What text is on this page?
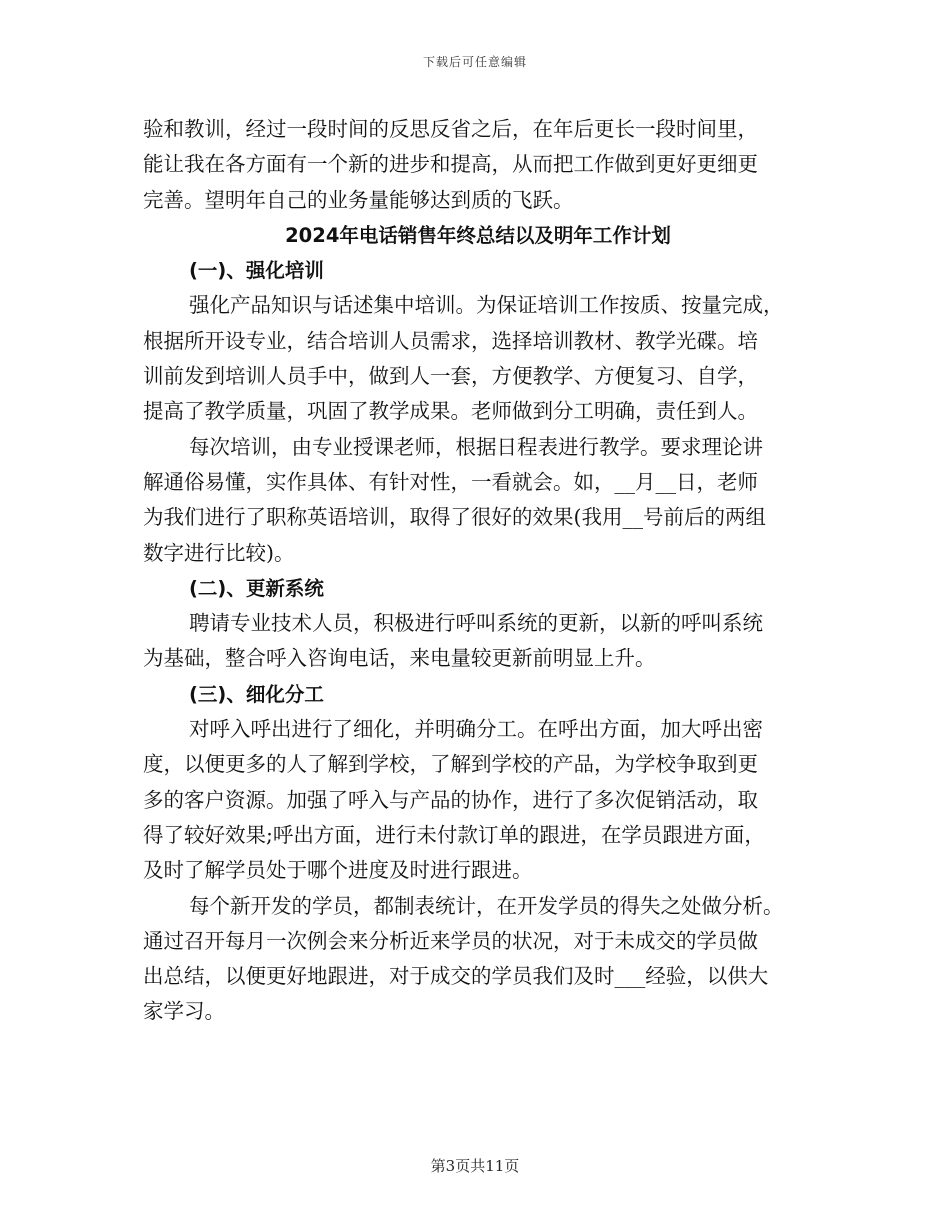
下载后可任意编辑
验和教训，经过一段时间的反思反省之后，在年后更长一段时间里，
能让我在各方面有一个新的进步和提高，从而把工作做到更好更细更
完善。望明年自己的业务量能够达到质的飞跃。
2024年电话销售年终总结以及明年工作计划
(一)、强化培训
强化产品知识与话述集中培训。为保证培训工作按质、按量完成，
根据所开设专业，结合培训人员需求，选择培训教材、教学光碟。培
训前发到培训人员手中，做到人一套，方便教学、方便复习、自学，
提高了教学质量，巩固了教学成果。老师做到分工明确，责任到人。
每次培训，由专业授课老师，根据日程表进行教学。要求理论讲
解通俗易懂，实作具体、有针对性，一看就会。如，__月__日，老师
为我们进行了职称英语培训，取得了很好的效果(我用__号前后的两组
数字进行比较)。
(二)、更新系统
聘请专业技术人员，积极进行呼叫系统的更新，以新的呼叫系统
为基础，整合呼入咨询电话，来电量较更新前明显上升。
(三)、细化分工
对呼入呼出进行了细化，并明确分工。在呼出方面，加大呼出密
度，以便更多的人了解到学校，了解到学校的产品，为学校争取到更
多的客户资源。加强了呼入与产品的协作，进行了多次促销活动，取
得了较好效果;呼出方面，进行未付款订单的跟进，在学员跟进方面，
及时了解学员处于哪个进度及时进行跟进。
每个新开发的学员，都制表统计，在开发学员的得失之处做分析。
通过召开每月一次例会来分析近来学员的状况，对于未成交的学员做
出总结，以便更好地跟进，对于成交的学员我们及时___经验，以供大
家学习。
第3页共11页
